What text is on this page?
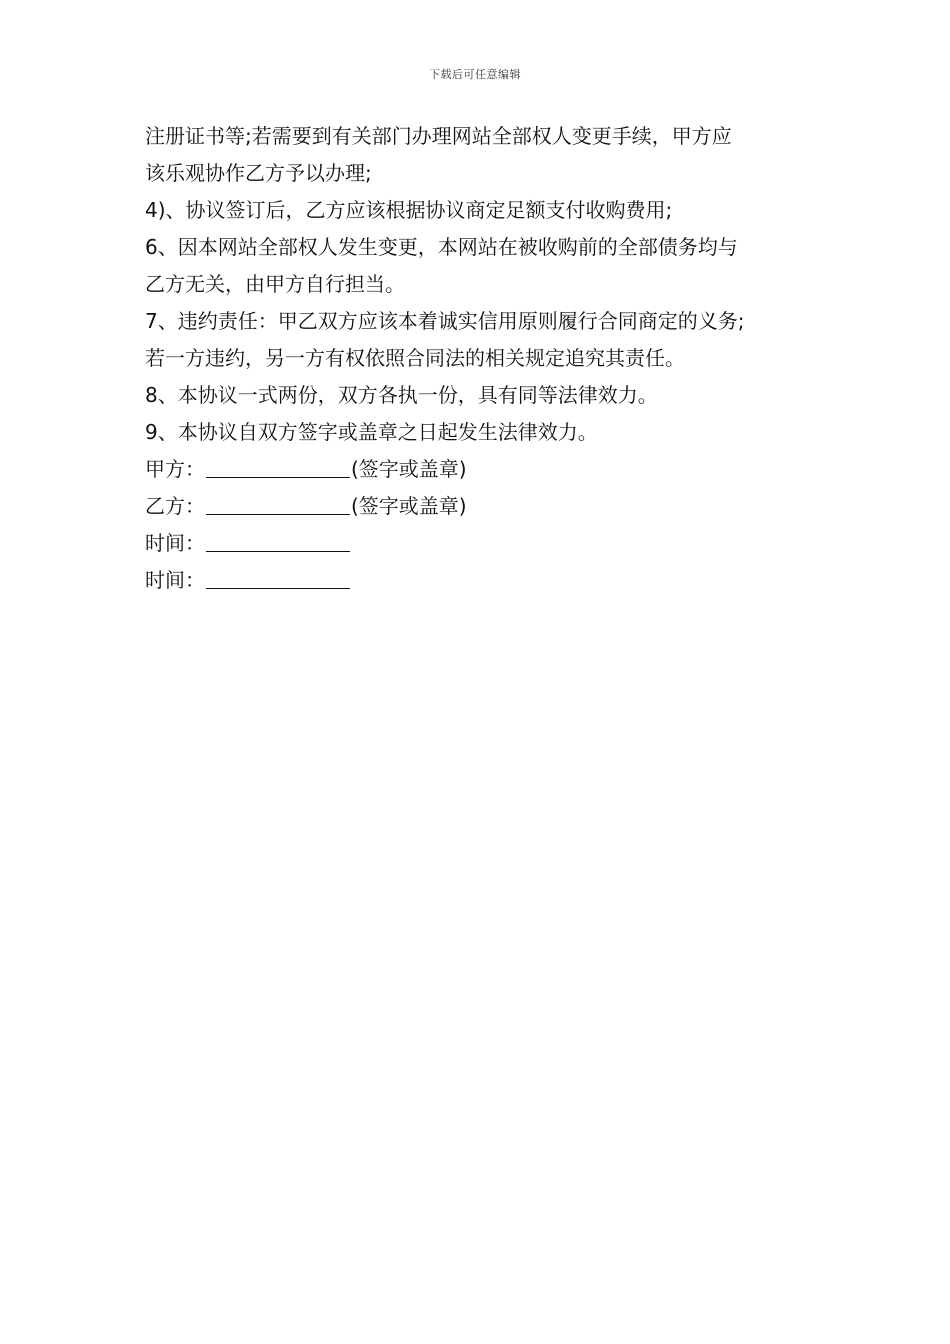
下载后可任意编辑
注册证书等;若需要到有关部门办理网站全部权人变更手续，甲方应
该乐观协作乙方予以办理;
4)、协议签订后，乙方应该根据协议商定足额支付收购费用;
6、因本网站全部权人发生变更，本网站在被收购前的全部债务均与
乙方无关，由甲方自行担当。
7、违约责任：甲乙双方应该本着诚实信用原则履行合同商定的义务;
若一方违约，另一方有权依照合同法的相关规定追究其责任。
8、本协议一式两份，双方各执一份，具有同等法律效力。
9、本协议自双方签字或盖章之日起发生法律效力。
甲方：	(签字或盖章)
乙方：	(签字或盖章)
时间：
时间：
